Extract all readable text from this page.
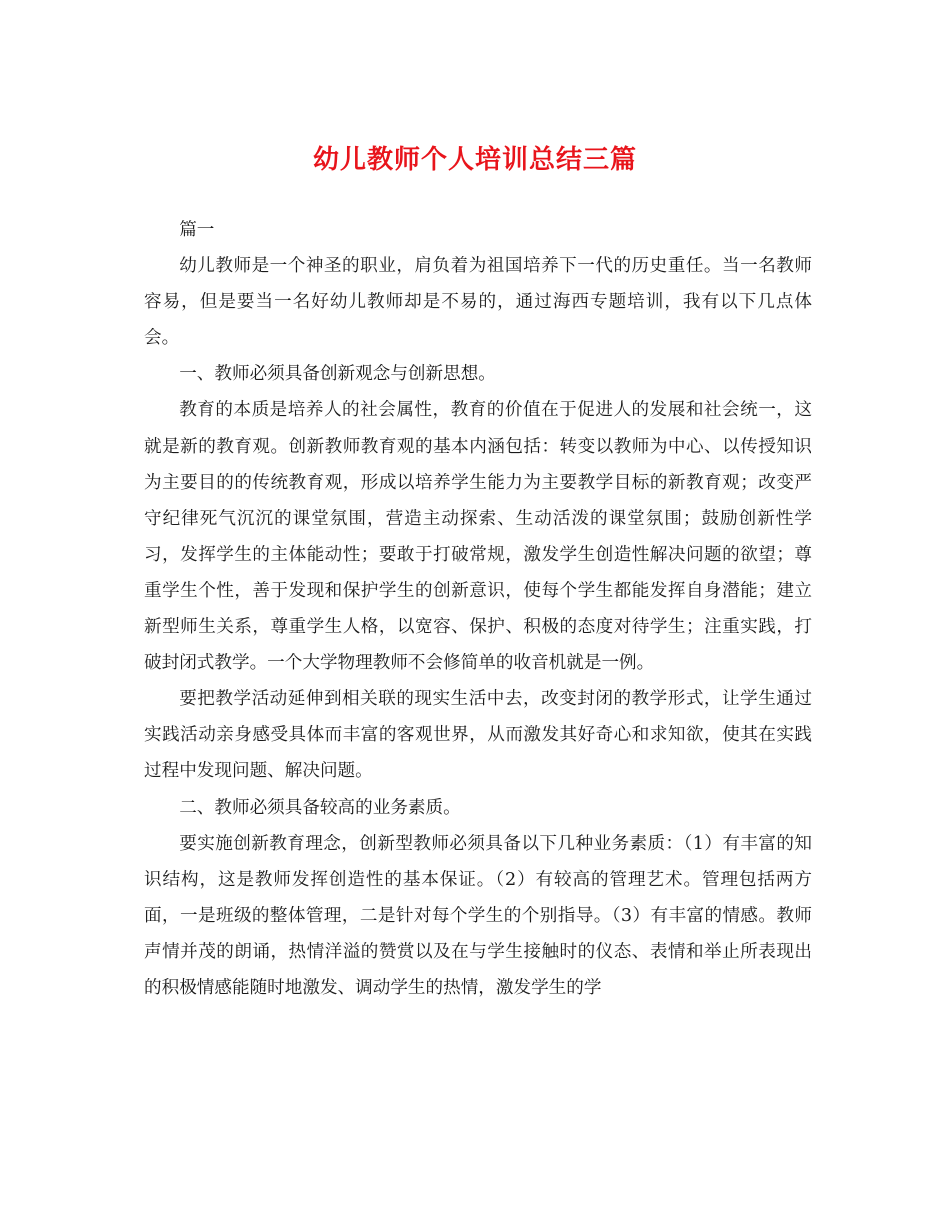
幼儿教师个人培训总结三篇

篇一

幼儿教师是一个神圣的职业，肩负着为祖国培养下一代的历史重任。当一名教师容易，但是要当一名好幼儿教师却是不易的，通过海西专题培训，我有以下几点体会。

一、教师必须具备创新观念与创新思想。

教育的本质是培养人的社会属性，教育的价值在于促进人的发展和社会统一，这就是新的教育观。创新教师教育观的基本内涵包括：转变以教师为中心、以传授知识为主要目的的传统教育观，形成以培养学生能力为主要教学目标的新教育观；改变严守纪律死气沉沉的课堂氛围，营造主动探索、生动活泼的课堂氛围；鼓励创新性学习，发挥学生的主体能动性；要敢于打破常规，激发学生创造性解决问题的欲望；尊重学生个性，善于发现和保护学生的创新意识，使每个学生都能发挥自身潜能；建立新型师生关系，尊重学生人格，以宽容、保护、积极的态度对待学生；注重实践，打破封闭式教学。一个大学物理教师不会修简单的收音机就是一例。

要把教学活动延伸到相关联的现实生活中去，改变封闭的教学形式，让学生通过实践活动亲身感受具体而丰富的客观世界，从而激发其好奇心和求知欲，使其在实践过程中发现问题、解决问题。

二、教师必须具备较高的业务素质。

要实施创新教育理念，创新型教师必须具备以下几种业务素质：（1）有丰富的知识结构，这是教师发挥创造性的基本保证。（2）有较高的管理艺术。管理包括两方面，一是班级的整体管理，二是针对每个学生的个别指导。（3）有丰富的情感。教师声情并茂的朗诵，热情洋溢的赞赏以及在与学生接触时的仪态、表情和举止所表现出的积极情感能随时地激发、调动学生的热情，激发学生的学
